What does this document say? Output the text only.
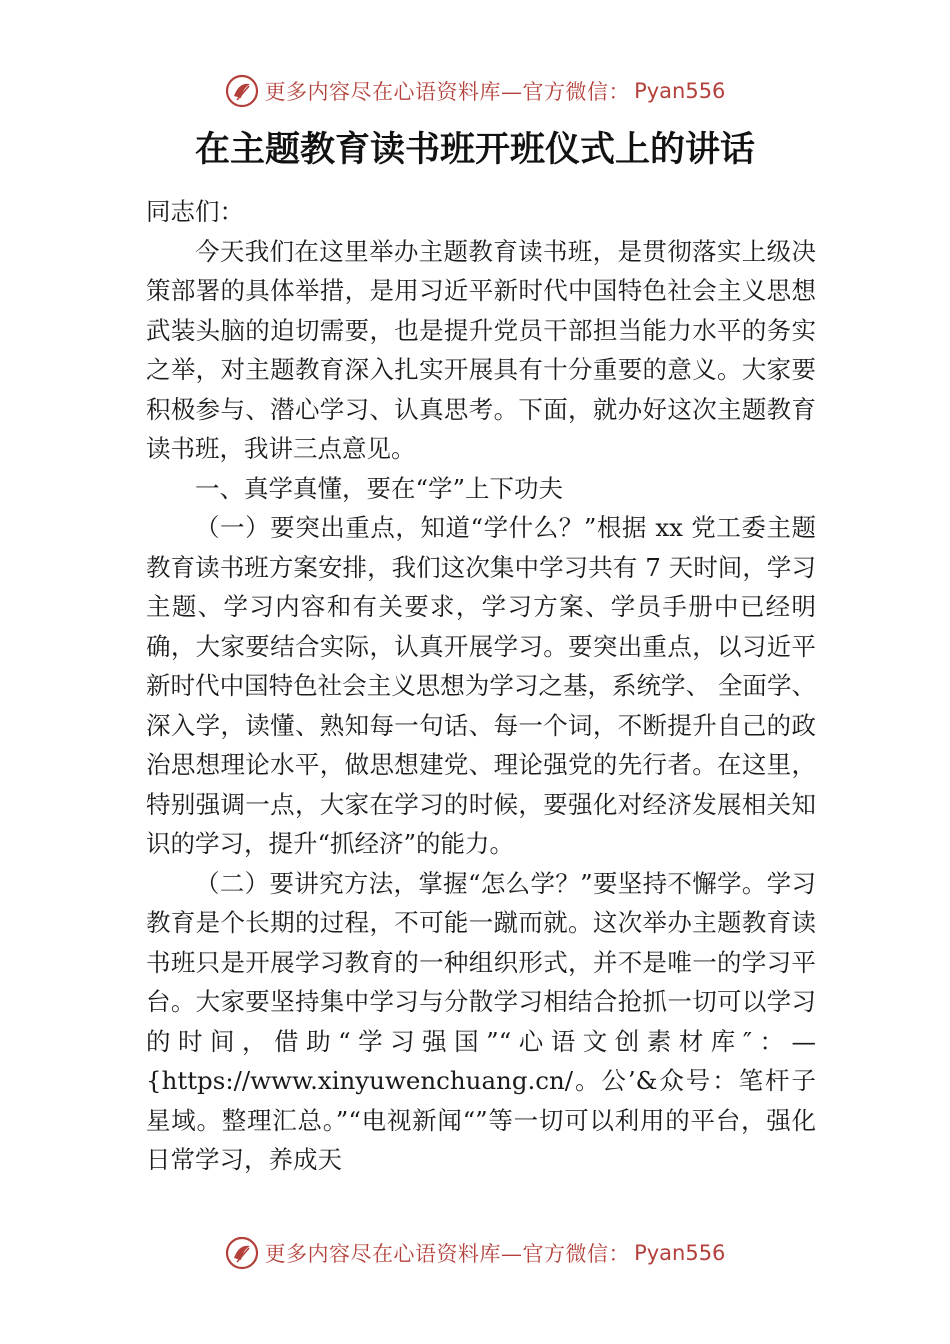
更多内容尽在心语资料库—官方微信： Pyan556
在主题教育读书班开班仪式上的讲话

同志们：

今天我们在这里举办主题教育读书班，是贯彻落实上级决策部署的具体举措，是用习近平新时代中国特色社会主义思想武装头脑的迫切需要，也是提升党员干部担当能力水平的务实之举，对主题教育深入扎实开展具有十分重要的意义。大家要积极参与、潜心学习、认真思考。下面，就办好这次主题教育读书班，我讲三点意见。

一、真学真懂，要在“学”上下功夫

（一）要突出重点，知道“学什么？”根据 xx 党工委主题教育读书班方案安排，我们这次集中学习共有 7 天时间，学习主题、学习内容和有关要求，学习方案、学员手册中已经明确，大家要结合实际，认真开展学习。要突出重点，以习近平新时代中国特色社会主义思想为学习之基，系统学、 全面学、深入学，读懂、熟知每一句话、每一个词，不断提升自己的政治思想理论水平，做思想建党、理论强党的先行者。在这里，特别强调一点，大家在学习的时候，要强化对经济发展相关知识的学习，提升“抓经济”的能力。

（二）要讲究方法，掌握“怎么学？”要坚持不懈学。学习教育是个长期的过程，不可能一蹴而就。这次举办主题教育读书班只是开展学习教育的一种组织形式，并不是唯一的学习平台。大家要坚持集中学习与分散学习相结合抢抓一切可以学习的时间，借助“学习强国”“心语文创素材库″：—{https://www.xinyuwenchuang.cn/。公’&众号：笔杆子星域。整理汇总。”“电视新闻“”等一切可以利用的平台，强化日常学习，养成天

更多内容尽在心语资料库—官方微信： Pyan556
